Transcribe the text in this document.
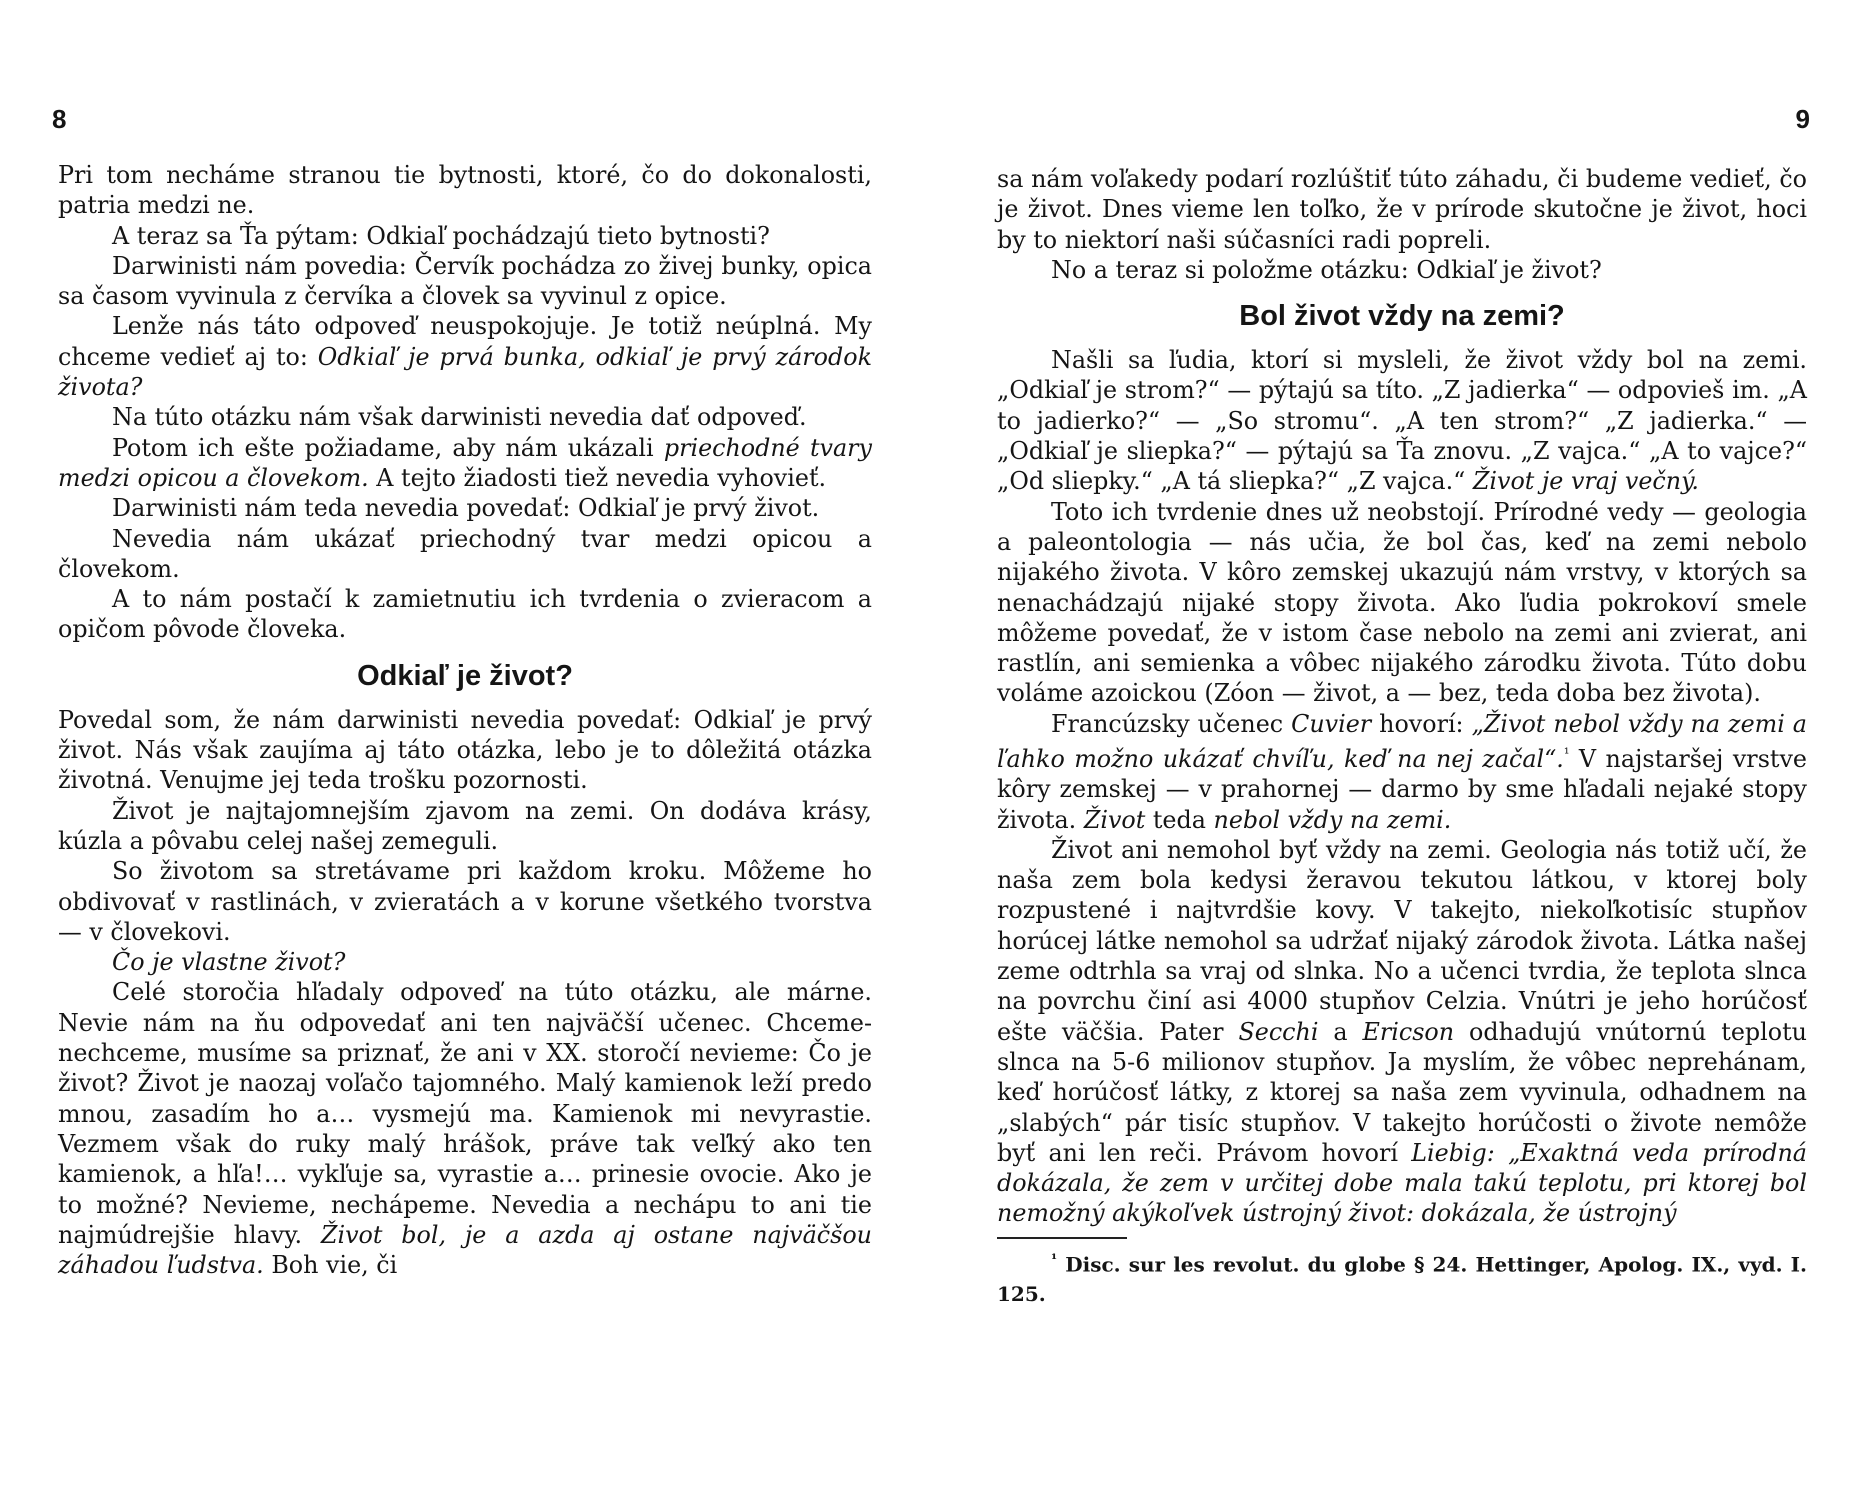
8

Pri tom necháme stranou tie bytnosti, ktoré, čo do dokonalosti, patria medzi ne.

A teraz sa Ťa pýtam: Odkiaľ pochádzajú tieto bytnosti?

Darwinisti nám povedia: Červík pochádza zo živej bunky, opica sa časom vyvinula z červíka a človek sa vyvinul z opice.

Lenže nás táto odpoveď neuspokojuje. Je totiž neúplná. My chceme vedieť aj to: Odkiaľ je prvá bunka, odkiaľ je prvý zárodok života?

Na túto otázku nám však darwinisti nevedia dať odpoveď.

Potom ich ešte požiadame, aby nám ukázali priechodné tvary medzi opicou a človekom. A tejto žiadosti tiež nevedia vyhovieť.

Darwinisti nám teda nevedia povedať: Odkiaľ je prvý život.

Nevedia nám ukázať priechodný tvar medzi opicou a človekom.

A to nám postačí k zamietnutiu ich tvrdenia o zvieracom a opičom pôvode človeka.

Odkiaľ je život?

Povedal som, že nám darwinisti nevedia povedať: Odkiaľ je prvý život. Nás však zaujíma aj táto otázka, lebo je to dôležitá otázka životná. Venujme jej teda trošku pozornosti.

Život je najtajomnejším zjavom na zemi. On dodáva krásy, kúzla a pôvabu celej našej zemeguli.

So životom sa stretávame pri každom kroku. Môžeme ho obdivovať v rastlinách, v zvieratách a v korune všetkého tvorstva — v človekovi.

Čo je vlastne život?

Celé storočia hľadaly odpoveď na túto otázku, ale márne. Nevie nám na ňu odpovedať ani ten najväčší učenec. Chceme-nechceme, musíme sa priznať, že ani v XX. storočí nevieme: Čo je život? Život je naozaj voľačo tajomného. Malý kamienok leží predo mnou, zasadím ho a… vysmejú ma. Kamienok mi nevyrastie. Vezmem však do ruky malý hrášok, práve tak veľký ako ten kamienok, a hľa!… vykľuje sa, vyrastie a… prinesie ovocie. Ako je to možné? Nevieme, nechápeme. Nevedia a nechápu to ani tie najmúdrejšie hlavy. Život bol, je a azda aj ostane najväčšou záhadou ľudstva. Boh vie, či

9

sa nám voľakedy podarí rozlúštiť túto záhadu, či budeme vedieť, čo je život. Dnes vieme len toľko, že v prírode skutočne je život, hoci by to niektorí naši súčasníci radi popreli.

No a teraz si položme otázku: Odkiaľ je život?

Bol život vždy na zemi?

Našli sa ľudia, ktorí si mysleli, že život vždy bol na zemi. „Odkiaľ je strom?“ — pýtajú sa títo. „Z jadierka“ — odpovieš im. „A to jadierko?“ — „So stromu“. „A ten strom?“ „Z jadierka.“ — „Odkiaľ je sliepka?“ — pýtajú sa Ťa znovu. „Z vajca.“ „A to vajce?“ „Od sliepky.“ „A tá sliepka?“ „Z vajca.“ Život je vraj večný.

Toto ich tvrdenie dnes už neobstojí. Prírodné vedy — geologia a paleontologia — nás učia, že bol čas, keď na zemi nebolo nijakého života. V kôro zemskej ukazujú nám vrstvy, v ktorých sa nenachádzajú nijaké stopy života. Ako ľudia pokrokoví smele môžeme povedať, že v istom čase nebolo na zemi ani zvierat, ani rastlín, ani semienka a vôbec nijakého zárodku života. Túto dobu voláme azoickou (Zóon — život, a — bez, teda doba bez života).

Francúzsky učenec Cuvier hovorí: „Život nebol vždy na zemi a ľahko možno ukázať chvíľu, keď na nej začal“.$^{^1}$ V najstaršej vrstve kôry zemskej — v prahornej — darmo by sme hľadali nejaké stopy života. Život teda nebol vždy na zemi.

Život ani nemohol byť vždy na zemi. Geologia nás totiž učí, že naša zem bola kedysi žeravou tekutou látkou, v ktorej boly rozpustené i najtvrdšie kovy. V takejto, niekoľkotisíc stupňov horúcej látke nemohol sa udržať nijaký zárodok života. Látka našej zeme odtrhla sa vraj od slnka. No a učenci tvrdia, že teplota slnca na povrchu činí asi 4000 stupňov Celzia. Vnútri je jeho horúčosť ešte väčšia. Pater Secchi a Ericson odhadujú vnútornú teplotu slnca na 5-6 milionov stupňov. Ja myslím, že vôbec neprehánam, keď horúčosť látky, z ktorej sa naša zem vyvinula, odhadnem na „slabých“ pár tisíc stupňov. V takejto horúčosti o živote nemôže byť ani len reči. Právom hovorí Liebig: „Exaktná veda prírodná dokázala, že zem v určitej dobe mala takú teplotu, pri ktorej bol nemožný akýkoľvek ústrojný život: dokázala, že ústrojný

$^{^1}$ Disc. sur les revolut. du globe § 24. Hettinger, Apolog. IX., vyd. I. 125.
